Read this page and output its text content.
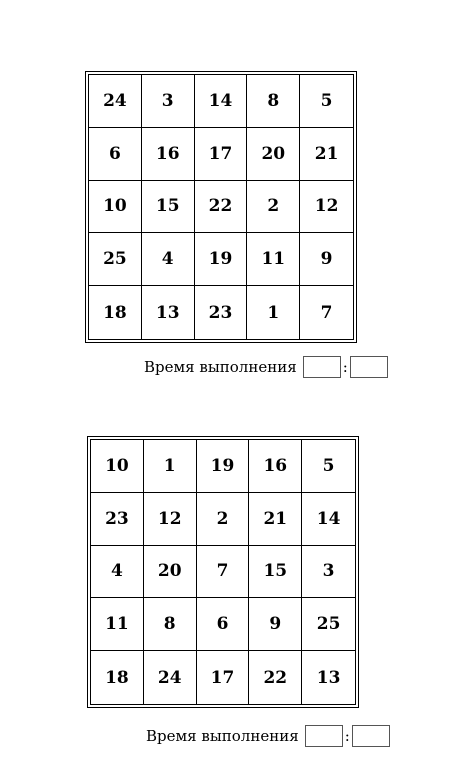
24	3	14	8	5
6	16	17	20	21
10	15	22	2	12
25	4	19	11	9
18	13	23	1	7
Время выполнения	:
10	1	19	16	5
23	12	2	21	14
4	20	7	15	3
11	8	6	9	25
18	24	17	22	13
Время выполнения	:
